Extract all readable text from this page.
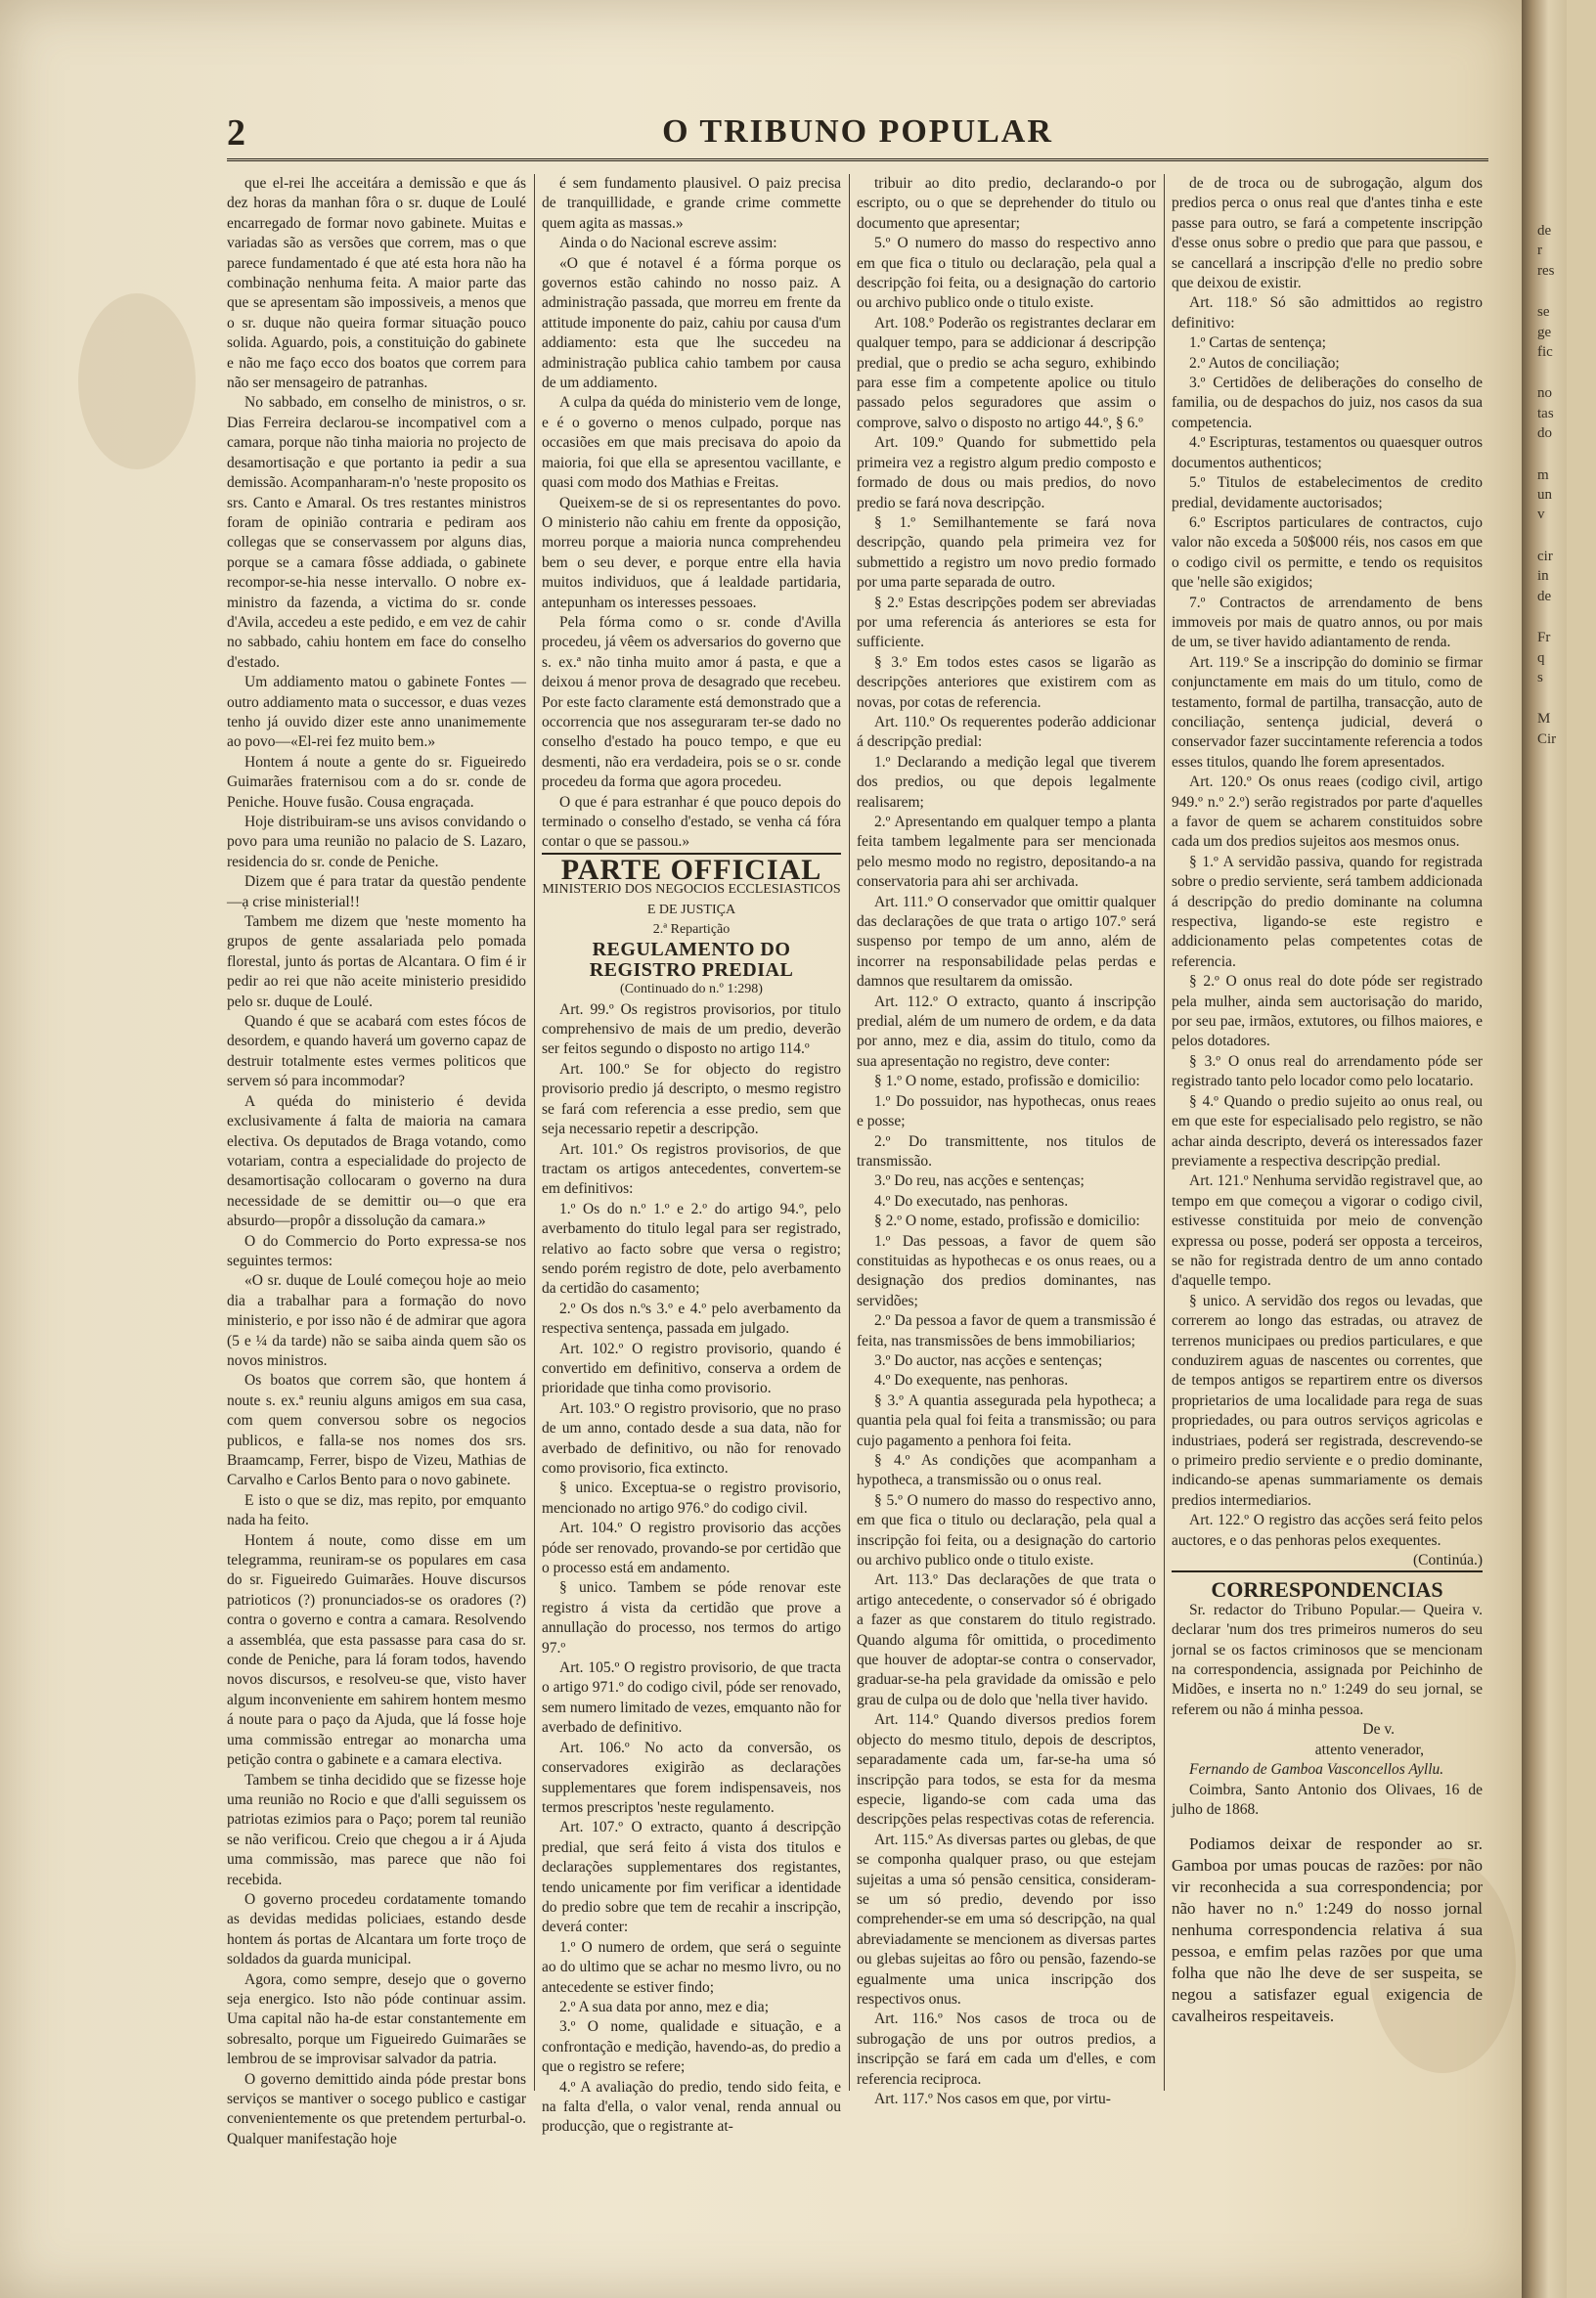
2	O TRIBUNO POPULAR

que el-rei lhe acceitára a demissão e que ás dez horas da manhan fôra o sr. duque de Loulé encarregado de formar novo gabinete. Muitas e variadas são as versões que correm, mas o que parece fundamentado é que até esta hora não ha combinação nenhuma feita. A maior parte das que se apresentam são impossiveis, a menos que o sr. duque não queira formar situação pouco solida. Aguardo, pois, a constituição do gabinete e não me faço ecco dos boatos que correm para não ser mensageiro de patranhas.

No sabbado, em conselho de ministros, o sr. Dias Ferreira declarou-se incompativel com a camara, porque não tinha maioria no projecto de desamortisação e que portanto ia pedir a sua demissão. Acompanharam-n'o 'neste proposito os srs. Canto e Amaral. Os tres restantes ministros foram de opinião contraria e pediram aos collegas que se conservassem por alguns dias, porque se a camara fôsse addiada, o gabinete recompor-se-hia nesse intervallo. O nobre ex-ministro da fazenda, a victima do sr. conde d'Avila, accedeu a este pedido, e em vez de cahir no sabbado, cahiu hontem em face do conselho d'estado.

Um addiamento matou o gabinete Fontes —outro addiamento mata o successor, e duas vezes tenho já ouvido dizer este anno unanimemente ao povo—«El-rei fez muito bem.»

Hontem á noute a gente do sr. Figueiredo Guimarães fraternisou com a do sr. conde de Peniche. Houve fusão. Cousa engraçada.

Hoje distribuiram-se uns avisos convidando o povo para uma reunião no palacio de S. Lazaro, residencia do sr. conde de Peniche.

Dizem que é para tratar da questão pendente—ạ crise ministerial!!

Tambem me dizem que 'neste momento ha grupos de gente assalariada pelo pomada florestal, junto ás portas de Alcantara. O fim é ir pedir ao rei que não aceite ministerio presidido pelo sr. duque de Loulé.

Quando é que se acabará com estes fócos de desordem, e quando haverá um governo capaz de destruir totalmente estes vermes politicos que servem só para incommodar?

A quéda do ministerio é devida exclusivamente á falta de maioria na camara electiva. Os deputados de Braga votando, como votariam, contra a especialidade do projecto de desamortisação collocaram o governo na dura necessidade de se demittir ou—o que era absurdo—propôr a dissolução da camara.»

O do Commercio do Porto expressa-se nos seguintes termos:

«O sr. duque de Loulé começou hoje ao meio dia a trabalhar para a formação do novo ministerio, e por isso não é de admirar que agora (5 e ¼ da tarde) não se saiba ainda quem são os novos ministros.

Os boatos que correm são, que hontem á noute s. ex.ª reuniu alguns amigos em sua casa, com quem conversou sobre os negocios publicos, e falla-se nos nomes dos srs. Braamcamp, Ferrer, bispo de Vizeu, Mathias de Carvalho e Carlos Bento para o novo gabinete.

E isto o que se diz, mas repito, por emquanto nada ha feito.

Hontem á noute, como disse em um telegramma, reuniram-se os populares em casa do sr. Figueiredo Guimarães. Houve discursos patrioticos (?) pronunciados-se os oradores (?) contra o governo e contra a camara. Resolvendo a assembléa, que esta passasse para casa do sr. conde de Peniche, para lá foram todos, havendo novos discursos, e resolveu-se que, visto haver algum inconveniente em sahirem hontem mesmo á noute para o paço da Ajuda, que lá fosse hoje uma commissão entregar ao monarcha uma petição contra o gabinete e a camara electiva.

Tambem se tinha decidido que se fizesse hoje uma reunião no Rocio e que d'alli seguissem os patriotas ezimios para o Paço; porem tal reunião se não verificou. Creio que chegou a ir á Ajuda uma commissão, mas parece que não foi recebida.

O governo procedeu cordatamente tomando as devidas medidas policiaes, estando desde hontem ás portas de Alcantara um forte troço de soldados da guarda municipal.

Agora, como sempre, desejo que o governo seja energico. Isto não póde continuar assim. Uma capital não ha-de estar constantemente em sobresalto, porque um Figueiredo Guimarães se lembrou de se improvisar salvador da patria.

O governo demittido ainda póde prestar bons serviços se mantiver o socego publico e castigar convenientemente os que pretendem perturbal-o. Qualquer manifestação hoje

é sem fundamento plausivel. O paiz precisa de tranquillidade, e grande crime commette quem agita as massas.»

Ainda o do Nacional escreve assim:

«O que é notavel é a fórma porque os governos estão cahindo no nosso paiz. A administração passada, que morreu em frente da attitude imponente do paiz, cahiu por causa d'um addiamento: esta que lhe succedeu na administração publica cahio tambem por causa de um addiamento.

A culpa da quéda do ministerio vem de longe, e é o governo o menos culpado, porque nas occasiões em que mais precisava do apoio da maioria, foi que ella se apresentou vacillante, e quasi com modo dos Mathias e Freitas.

Queixem-se de si os representantes do povo. O ministerio não cahiu em frente da opposição, morreu porque a maioria nunca comprehendeu bem o seu dever, e porque entre ella havia muitos individuos, que á lealdade partidaria, antepunham os interesses pessoaes.

Pela fórma como o sr. conde d'Avilla procedeu, já vêem os adversarios do governo que s. ex.ª não tinha muito amor á pasta, e que a deixou á menor prova de desagrado que recebeu. Por este facto claramente está demonstrado que a occorrencia que nos asseguraram ter-se dado no conselho d'estado ha pouco tempo, e que eu desmenti, não era verdadeira, pois se o sr. conde procedeu da forma que agora procedeu.

O que é para estranhar é que pouco depois do terminado o conselho d'estado, se venha cá fóra contar o que se passou.»

PARTE OFFICIAL

MINISTERIO DOS NEGOCIOS ECCLESIASTICOS E DE JUSTIÇA

2.ª Repartição

REGULAMENTO DO REGISTRO PREDIAL

(Continuado do n.º 1:298)

Art. 99.º Os registros provisorios, por titulo comprehensivo de mais de um predio, deverão ser feitos segundo o disposto no artigo 114.º

Art. 100.º Se for objecto do registro provisorio predio já descripto, o mesmo registro se fará com referencia a esse predio, sem que seja necessario repetir a descripção.

Art. 101.º Os registros provisorios, de que tractam os artigos antecedentes, convertem-se em definitivos:

1.º Os do n.º 1.º e 2.º do artigo 94.º, pelo averbamento do titulo legal para ser registrado, relativo ao facto sobre que versa o registro; sendo porém registro de dote, pelo averbamento da certidão do casamento;

2.º Os dos n.ºs 3.º e 4.º pelo averbamento da respectiva sentença, passada em julgado.

Art. 102.º O registro provisorio, quando é convertido em definitivo, conserva a ordem de prioridade que tinha como provisorio.

Art. 103.º O registro provisorio, que no praso de um anno, contado desde a sua data, não for averbado de definitivo, ou não for renovado como provisorio, fica extincto.

§ unico. Exceptua-se o registro provisorio, mencionado no artigo 976.º do codigo civil.

Art. 104.º O registro provisorio das acções póde ser renovado, provando-se por certidão que o processo está em andamento.

§ unico. Tambem se póde renovar este registro á vista da certidão que prove a annullação do processo, nos termos do artigo 97.º

Art. 105.º O registro provisorio, de que tracta o artigo 971.º do codigo civil, póde ser renovado, sem numero limitado de vezes, emquanto não for averbado de definitivo.

Art. 106.º No acto da conversão, os conservadores exigirão as declarações supplementares que forem indispensaveis, nos termos prescriptos 'neste regulamento.

Art. 107.º O extracto, quanto á descripção predial, que será feito á vista dos titulos e declarações supplementares dos registantes, tendo unicamente por fim verificar a identidade do predio sobre que tem de recahir a inscripção, deverá conter:

1.º O numero de ordem, que será o seguinte ao do ultimo que se achar no mesmo livro, ou no antecedente se estiver findo;

2.º A sua data por anno, mez e dia;

3.º O nome, qualidade e situação, e a confrontação e medição, havendo-as, do predio a que o registro se refere;

4.º A avaliação do predio, tendo sido feita, e na falta d'ella, o valor venal, renda annual ou producção, que o registrante at-

tribuir ao dito predio, declarando-o por escripto, ou o que se deprehender do titulo ou documento que apresentar;

5.º O numero do masso do respectivo anno em que fica o titulo ou declaração, pela qual a descripção foi feita, ou a designação do cartorio ou archivo publico onde o titulo existe.

Art. 108.º Poderão os registrantes declarar em qualquer tempo, para se addicionar á descripção predial, que o predio se acha seguro, exhibindo para esse fim a competente apolice ou titulo passado pelos seguradores que assim o comprove, salvo o disposto no artigo 44.º, § 6.º

Art. 109.º Quando for submettido pela primeira vez a registro algum predio composto e formado de dous ou mais predios, do novo predio se fará nova descripção.

§ 1.º Semilhantemente se fará nova descripção, quando pela primeira vez for submettido a registro um novo predio formado por uma parte separada de outro.

§ 2.º Estas descripções podem ser abreviadas por uma referencia ás anteriores se esta for sufficiente.

§ 3.º Em todos estes casos se ligarão as descripções anteriores que existirem com as novas, por cotas de referencia.

Art. 110.º Os requerentes poderão addicionar á descripção predial:

1.º Declarando a medição legal que tiverem dos predios, ou que depois legalmente realisarem;

2.º Apresentando em qualquer tempo a planta feita tambem legalmente para ser mencionada pelo mesmo modo no registro, depositando-a na conservatoria para ahi ser archivada.

Art. 111.º O conservador que omittir qualquer das declarações de que trata o artigo 107.º será suspenso por tempo de um anno, além de incorrer na responsabilidade pelas perdas e damnos que resultarem da omissão.

Art. 112.º O extracto, quanto á inscripção predial, além de um numero de ordem, e da data por anno, mez e dia, assim do titulo, como da sua apresentação no registro, deve conter:

§ 1.º O nome, estado, profissão e domicilio:

1.º Do possuidor, nas hypothecas, onus reaes e posse;

2.º Do transmittente, nos titulos de transmissão.

3.º Do reu, nas acções e sentenças;

4.º Do executado, nas penhoras.

§ 2.º O nome, estado, profissão e domicilio:

1.º Das pessoas, a favor de quem são constituidas as hypothecas e os onus reaes, ou a designação dos predios dominantes, nas servidões;

2.º Da pessoa a favor de quem a transmissão é feita, nas transmissões de bens immobiliarios;

3.º Do auctor, nas acções e sentenças;

4.º Do exequente, nas penhoras.

§ 3.º A quantia assegurada pela hypotheca; a quantia pela qual foi feita a transmissão; ou para cujo pagamento a penhora foi feita.

§ 4.º As condições que acompanham a hypotheca, a transmissão ou o onus real.

§ 5.º O numero do masso do respectivo anno, em que fica o titulo ou declaração, pela qual a inscripção foi feita, ou a designação do cartorio ou archivo publico onde o titulo existe.

Art. 113.º Das declarações de que trata o artigo antecedente, o conservador só é obrigado a fazer as que constarem do titulo registrado. Quando alguma fôr omittida, o procedimento que houver de adoptar-se contra o conservador, graduar-se-ha pela gravidade da omissão e pelo grau de culpa ou de dolo que 'nella tiver havido.

Art. 114.º Quando diversos predios forem objecto do mesmo titulo, depois de descriptos, separadamente cada um, far-se-ha uma só inscripção para todos, se esta for da mesma especie, ligando-se com cada uma das descripções pelas respectivas cotas de referencia.

Art. 115.º As diversas partes ou glebas, de que se componha qualquer praso, ou que estejam sujeitas a uma só pensão censitica, consideram-se um só predio, devendo por isso comprehender-se em uma só descripção, na qual abreviadamente se mencionem as diversas partes ou glebas sujeitas ao fôro ou pensão, fazendo-se egualmente uma unica inscripção dos respectivos onus.

Art. 116.º Nos casos de troca ou de subrogação de uns por outros predios, a inscripção se fará em cada um d'elles, e com referencia reciproca.

Art. 117.º Nos casos em que, por virtu-

de de troca ou de subrogação, algum dos predios perca o onus real que d'antes tinha e este passe para outro, se fará a competente inscripção d'esse onus sobre o predio que para que passou, e se cancellará a inscripção d'elle no predio sobre que deixou de existir.

Art. 118.º Só são admittidos ao registro definitivo:

1.º Cartas de sentença;

2.º Autos de conciliação;

3.º Certidões de deliberações do conselho de familia, ou de despachos do juiz, nos casos da sua competencia.

4.º Escripturas, testamentos ou quaesquer outros documentos authenticos;

5.º Titulos de estabelecimentos de credito predial, devidamente auctorisados;

6.º Escriptos particulares de contractos, cujo valor não exceda a 50$000 réis, nos casos em que o codigo civil os permitte, e tendo os requisitos que 'nelle são exigidos;

7.º Contractos de arrendamento de bens immoveis por mais de quatro annos, ou por mais de um, se tiver havido adiantamento de renda.

Art. 119.º Se a inscripção do dominio se firmar conjunctamente em mais do um titulo, como de testamento, formal de partilha, transacção, auto de conciliação, sentença judicial, deverá o conservador fazer succintamente referencia a todos esses titulos, quando lhe forem apresentados.

Art. 120.º Os onus reaes (codigo civil, artigo 949.º n.º 2.º) serão registrados por parte d'aquelles a favor de quem se acharem constituidos sobre cada um dos predios sujeitos aos mesmos onus.

§ 1.º A servidão passiva, quando for registrada sobre o predio serviente, será tambem addicionada á descripção do predio dominante na columna respectiva, ligando-se este registro e addicionamento pelas competentes cotas de referencia.

§ 2.º O onus real do dote póde ser registrado pela mulher, ainda sem auctorisação do marido, por seu pae, irmãos, extutores, ou filhos maiores, e pelos dotadores.

§ 3.º O onus real do arrendamento póde ser registrado tanto pelo locador como pelo locatario.

§ 4.º Quando o predio sujeito ao onus real, ou em que este for especialisado pelo registro, se não achar ainda descripto, deverá os interessados fazer previamente a respectiva descripção predial.

Art. 121.º Nenhuma servidão registravel que, ao tempo em que começou a vigorar o codigo civil, estivesse constituida por meio de convenção expressa ou posse, poderá ser opposta a terceiros, se não for registrada dentro de um anno contado d'aquelle tempo.

§ unico. A servidão dos regos ou levadas, que correrem ao longo das estradas, ou atravez de terrenos municipaes ou predios particulares, e que conduzirem aguas de nascentes ou correntes, que de tempos antigos se repartirem entre os diversos proprietarios de uma localidade para rega de suas propriedades, ou para outros serviços agricolas e industriaes, poderá ser registrada, descrevendo-se o primeiro predio serviente e o predio dominante, indicando-se apenas summariamente os demais predios intermediarios.

Art. 122.º O registro das acções será feito pelos auctores, e o das penhoras pelos exequentes.

(Continúa.)

CORRESPONDENCIAS

Sr. redactor do Tribuno Popular.— Queira v. declarar 'num dos tres primeiros numeros do seu jornal se os factos criminosos que se mencionam na correspondencia, assignada por Peichinho de Midões, e inserta no n.º 1:249 do seu jornal, se referem ou não á minha pessoa.

De v.

attento venerador,

Fernando de Gamboa Vasconcellos Ayllu.

Coimbra, Santo Antonio dos Olivaes, 16 de julho de 1868.

Podiamos deixar de responder ao sr. Gamboa por umas poucas de razões: por não vir reconhecida a sua correspondencia; por não haver no n.º 1:249 do nosso jornal nenhuma correspondencia relativa á sua pessoa, e emfim pelas razões por que uma folha que não lhe deve de ser suspeita, se negou a satisfazer egual exigencia de cavalheiros respeitaveis.

de
r
res
se
ge
fic
no
tas
do
m
un
v
cir
in
de
Fr
q
s
M
Cir
